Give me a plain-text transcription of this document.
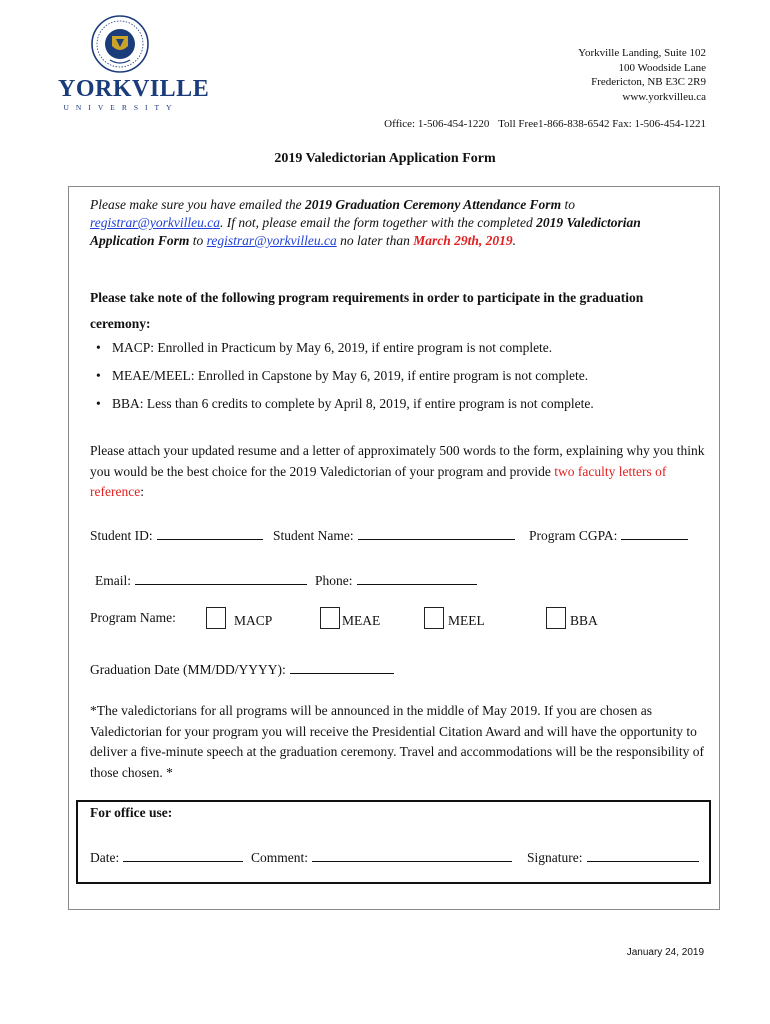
YORKVILLE
UNIVERSITY
Yorkville Landing, Suite 102
100 Woodside Lane
Fredericton, NB E3C 2R9
www.yorkvilleu.ca
Office: 1-506-454-1220 Toll Free1-866-838-6542 Fax: 1-506-454-1221
2019 Valedictorian Application Form
Please make sure you have emailed the 2019 Graduation Ceremony Attendance Form to registrar@yorkvilleu.ca. If not, please email the form together with the completed 2019 Valedictorian Application Form to registrar@yorkvilleu.ca no later than March 29th, 2019.
Please take note of the following program requirements in order to participate in the graduation ceremony:
• MACP: Enrolled in Practicum by May 6, 2019, if entire program is not complete.
• MEAE/MEEL: Enrolled in Capstone by May 6, 2019, if entire program is not complete.
• BBA: Less than 6 credits to complete by April 8, 2019, if entire program is not complete.
Please attach your updated resume and a letter of approximately 500 words to the form, explaining why you think you would be the best choice for the 2019 Valedictorian of your program and provide two faculty letters of reference:
Student ID:	Student Name:	Program CGPA:
Email:	Phone:
Program Name:	MACP	MEAE	MEEL	BBA
Graduation Date (MM/DD/YYYY):
*The valedictorians for all programs will be announced in the middle of May 2019. If you are chosen as Valedictorian for your program you will receive the Presidential Citation Award and will have the opportunity to deliver a five-minute speech at the graduation ceremony. Travel and accommodations will be the responsibility of those chosen. *
For office use:
Date:	Comment:	Signature:
January 24, 2019
